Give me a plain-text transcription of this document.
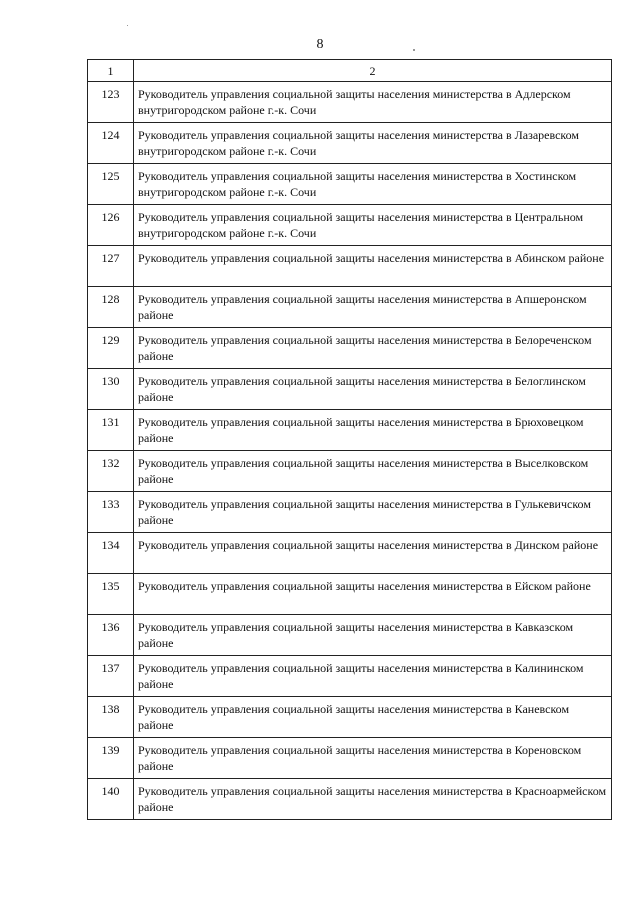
8
1	2
123	Руководитель управления социальной защиты населения министерства в Адлерском внутригородском районе г.-к. Сочи
124	Руководитель управления социальной защиты населения министерства в Лазаревском внутригородском районе г.-к. Сочи
125	Руководитель управления социальной защиты населения министерства в Хостинском внутригородском районе г.-к. Сочи
126	Руководитель управления социальной защиты населения министерства в Центральном внутригородском районе г.-к. Сочи
127	Руководитель управления социальной защиты населения министерства в Абинском районе
128	Руководитель управления социальной защиты населения министерства в Апшеронском районе
129	Руководитель управления социальной защиты населения министерства в Белореченском районе
130	Руководитель управления социальной защиты населения министерства в Белоглинском районе
131	Руководитель управления социальной защиты населения министерства в Брюховецком районе
132	Руководитель управления социальной защиты населения министерства в Выселковском районе
133	Руководитель управления социальной защиты населения министерства в Гулькевичском районе
134	Руководитель управления социальной защиты населения министерства в Динском районе
135	Руководитель управления социальной защиты населения министерства в Ейском районе
136	Руководитель управления социальной защиты населения министерства в Кавказском районе
137	Руководитель управления социальной защиты населения министерства в Калининском районе
138	Руководитель управления социальной защиты населения министерства в Каневском районе
139	Руководитель управления социальной защиты населения министерства в Кореновском районе
140	Руководитель управления социальной защиты населения министерства в Красноармейском районе
